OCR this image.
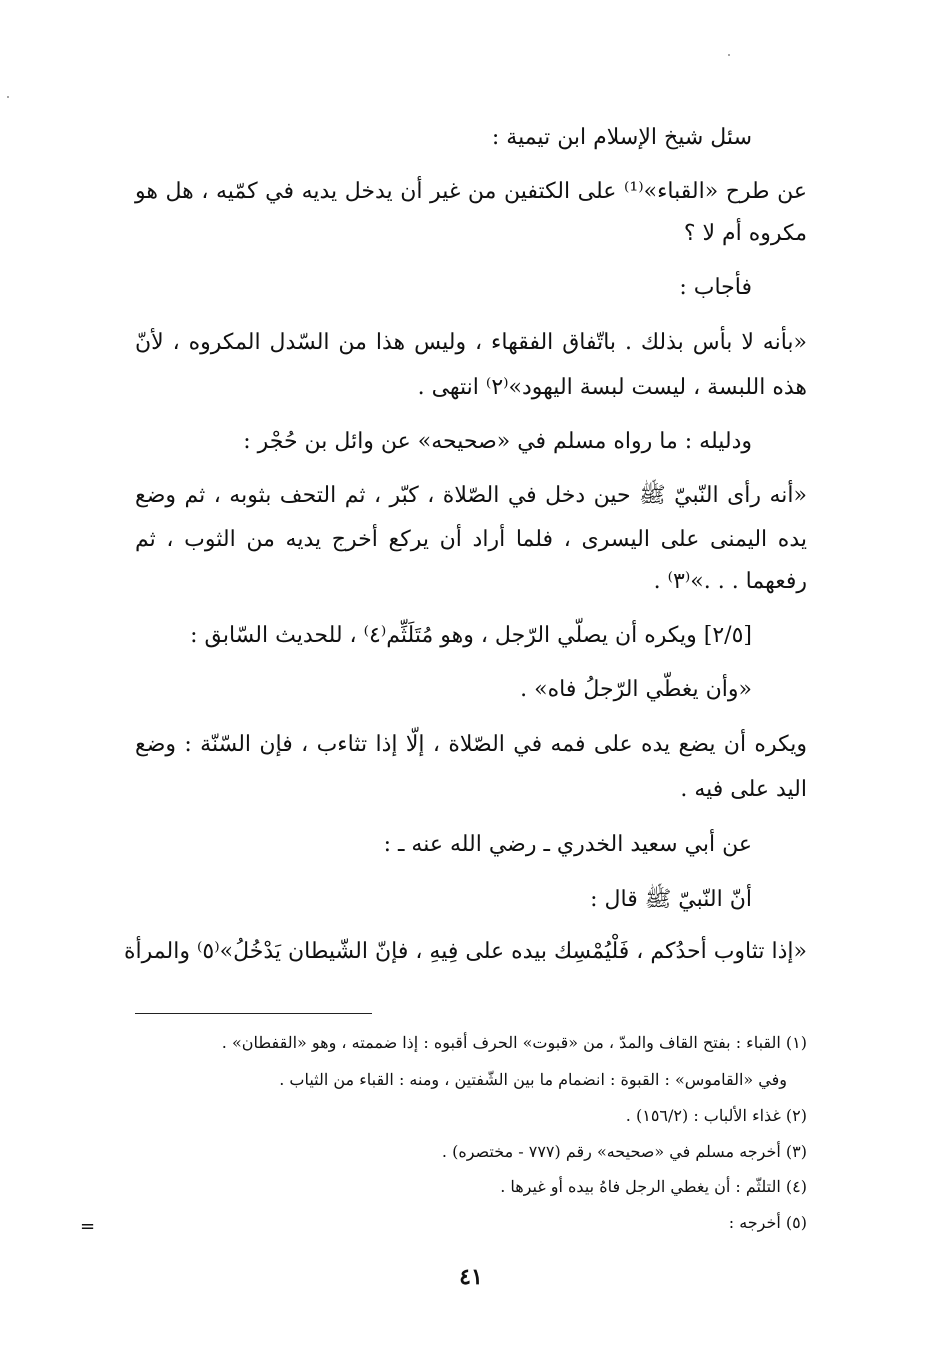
سئل شيخ الإسلام ابن تيمية :
عن طرح «القباء»⁽¹⁾ على الكتفين من غير أن يدخل يديه في كمّيه ، هل هو
مكروه أم لا ؟
فأجاب :
«بأنه لا بأس بذلك . باتّفاق الفقهاء ، وليس هذا من السّدل المكروه ، لأنّ
هذه اللبسة ، ليست لبسة اليهود»⁽٢⁾ انتهى .
ودليله : ما رواه مسلم في «صحيحه» عن وائل بن حُجْر :
«أنه رأى النّبيّ ﷺ حين دخل في الصّلاة ، كبّر ، ثم التحف بثوبه ، ثم وضع
يده اليمنى على اليسرى ، فلما أراد أن يركع أخرج يديه من الثوب ، ثم
رفعهما . . .»⁽٣⁾ .
[٢/٥] ويكره أن يصلّي الرّجل ، وهو مُتَلَثِّم⁽٤⁾ ، للحديث السّابق :
«وأن يغطّي الرّجلُ فاه» .
ويكره أن يضع يده على فمه في الصّلاة ، إلّا إذا تثاءب ، فإن السّنّة : وضع
اليد على فيه .
عن أبي سعيد الخدري ـ رضي الله عنه ـ :
أنّ النّبيّ ﷺ قال :
«إذا تثاوب أحدُكم ، فَلْيُمْسِك بيده على فِيهِ ، فإنّ الشّيطان يَدْخُلُ»⁽٥⁾ والمرأة
(١) القباء : بفتح القاف والمدّ ، من «قبوت» الحرف أقبوه : إذا ضممته ، وهو «القفطان» .
وفي «القاموس» : القبوة : انضمام ما بين الشّفتين ، ومنه : القباء من الثياب .
(٢) غذاء الألباب : (١٥٦/٢) .
(٣) أخرجه مسلم في «صحيحه» رقم (٧٧٧ - مختصره) .
(٤) التلثّم : أن يغطي الرجل فاهُ بيده أو غيرها .
(٥) أخرجه :
=
٤١
